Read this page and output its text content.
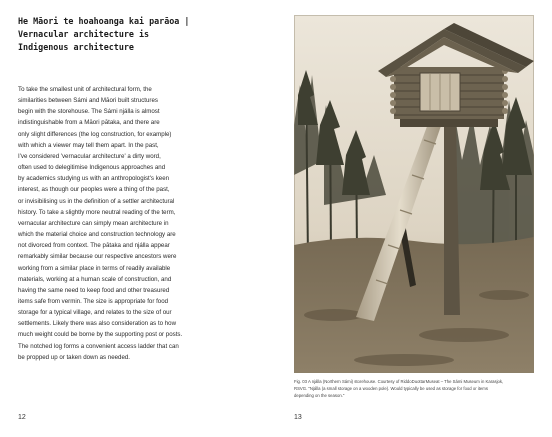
He Māori te hoahoanga kai parāoa |
Vernacular architecture is
Indigenous architecture

To take the smallest unit of architectural form, the
similarities between Sámi and Māori built structures
begin with the storehouse. The Sámi njálla is almost
indistinguishable from a Māori pātaka, and there are
only slight differences (the log construction, for example)
with which a viewer may tell them apart. In the past,
I've considered 'vernacular architecture' a dirty word,
often used to delegitimise Indigenous approaches and
by academics studying us with an anthropologist's keen
interest, as though our peoples were a thing of the past,
or invisibilising us in the definition of a settler architectural
history. To take a slightly more neutral reading of the term,
vernacular architecture can simply mean architecture in
which the material choice and construction technology are
not divorced from context. The pātaka and njálla appear
remarkably similar because our respective ancestors were
working from a similar place in terms of readily available
materials, working at a human scale of construction, and
having the same need to keep food and other treasured
items safe from vermin. The size is appropriate for food
storage for a typical village, and relates to the size of our
settlements. Likely there was also consideration as to how
much weight could be borne by the supporting post or posts.
The notched log forms a convenient access ladder that can
be propped up or taken down as needed.

12

Fig. 03 A njálla (Northern Sámi) storehouse. Courtesy of RiddoDuottarMuseat – The Sámi Museum in Karasjok,
RSVG. "Njálla (a small storage on a wooden pole). Would typically be used as storage for food or items
depending on the season."

13
